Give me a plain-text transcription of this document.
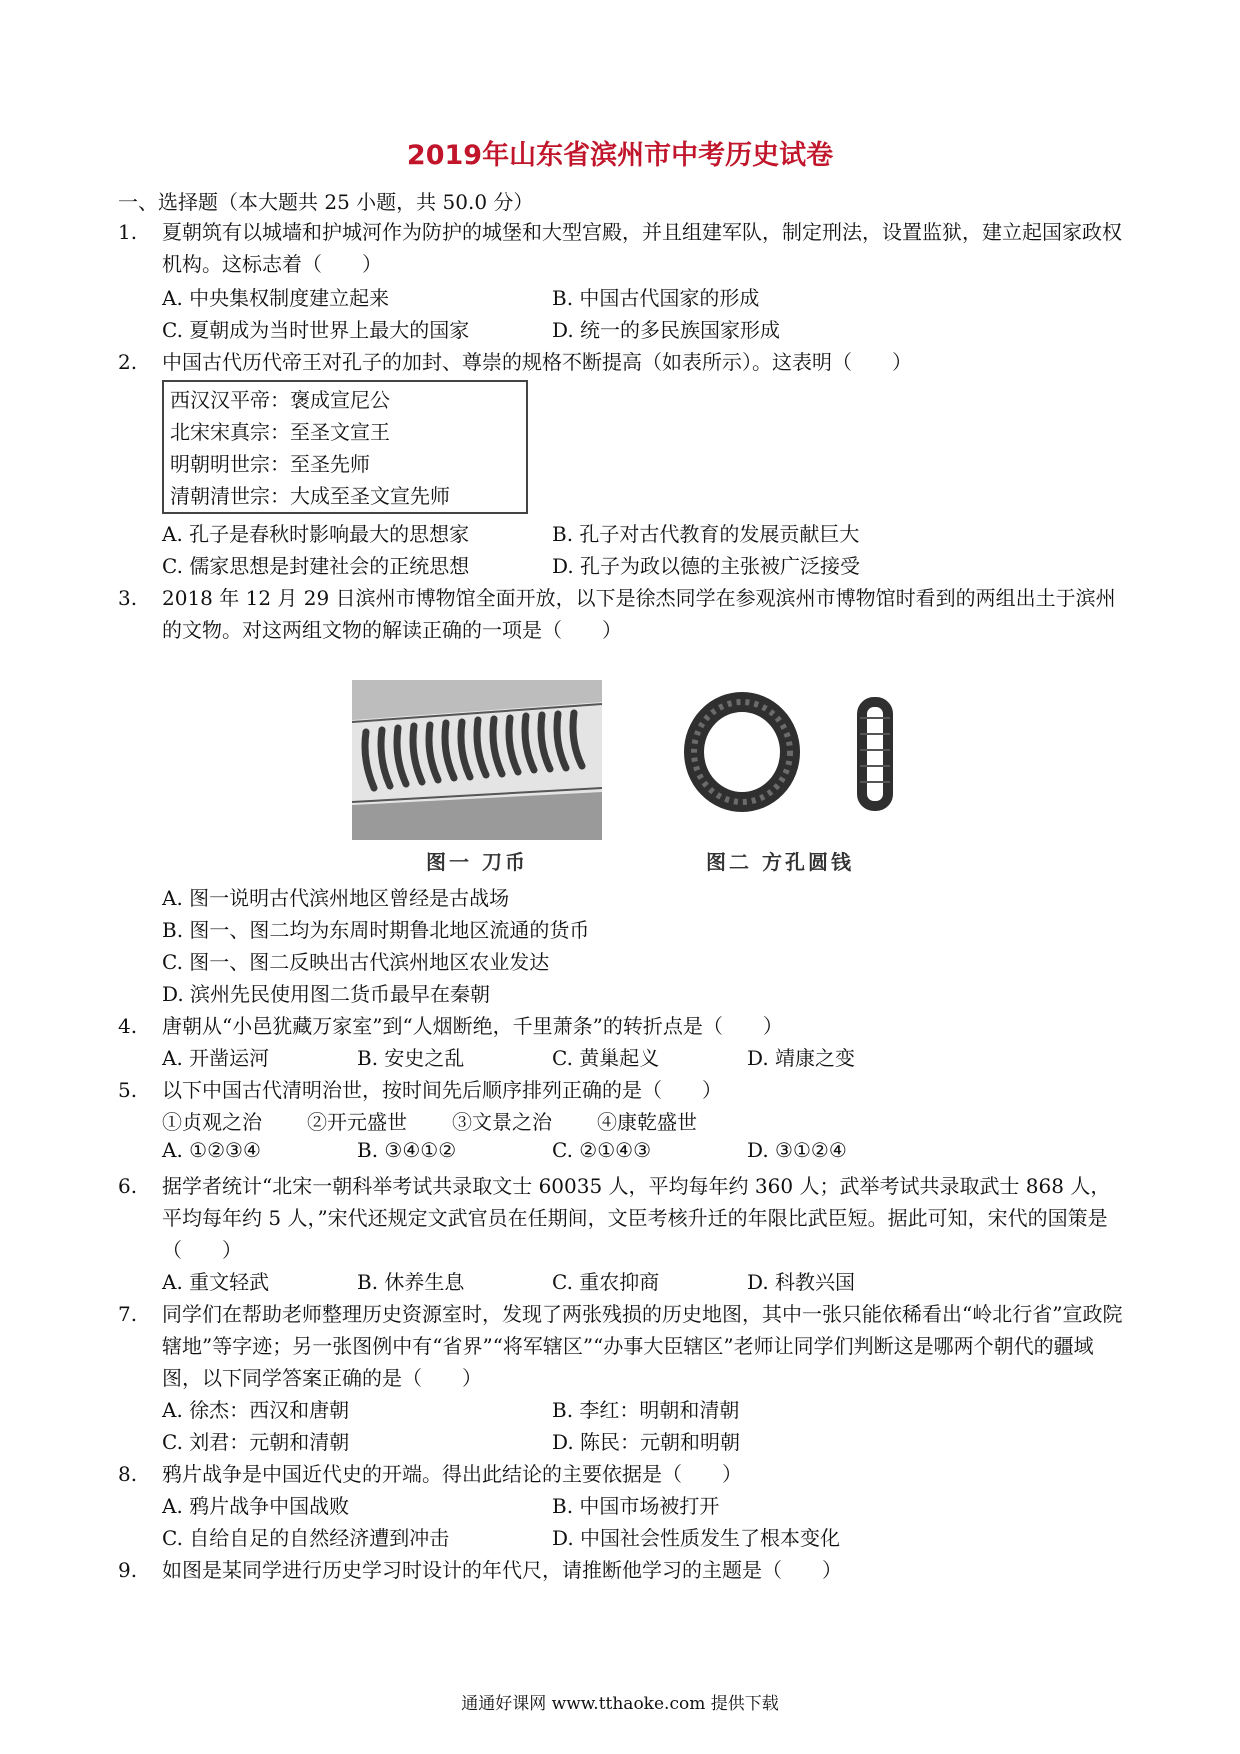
2019年山东省滨州市中考历史试卷
一、选择题（本大题共 25 小题，共 50.0 分）
1.	夏朝筑有以城墙和护城河作为防护的城堡和大型宫殿，并且组建军队，制定刑法，设置监狱，建立起国家政权机构。这标志着（　　）
A. 中央集权制度建立起来	B. 中国古代国家的形成
C. 夏朝成为当时世界上最大的国家	D. 统一的多民族国家形成
2.	中国古代历代帝王对孔子的加封、尊崇的规格不断提高（如表所示）。这表明（　　）
西汉汉平帝：褒成宣尼公
北宋宋真宗：至圣文宣王
明朝明世宗：至圣先师
清朝清世宗：大成至圣文宣先师
A. 孔子是春秋时影响最大的思想家	B. 孔子对古代教育的发展贡献巨大
C. 儒家思想是封建社会的正统思想	D. 孔子为政以德的主张被广泛接受
3.	2018 年 12 月 29 日滨州市博物馆全面开放，以下是徐杰同学在参观滨州市博物馆时看到的两组出土于滨州的文物。对这两组文物的解读正确的一项是（　　）
图一 刀币	图二 方孔圆钱
A. 图一说明古代滨州地区曾经是古战场
B. 图一、图二均为东周时期鲁北地区流通的货币
C. 图一、图二反映出古代滨州地区农业发达
D. 滨州先民使用图二货币最早在秦朝
4.	唐朝从“小邑犹藏万家室”到“人烟断绝，千里萧条”的转折点是（　　）
A. 开凿运河	B. 安史之乱	C. 黄巢起义	D. 靖康之变
5.	以下中国古代清明治世，按时间先后顺序排列正确的是（　　）
①贞观之治 ②开元盛世 ③文景之治 ④康乾盛世
A. ①②③④	B. ③④①②	C. ②①④③	D. ③①②④
6.	据学者统计“北宋一朝科举考试共录取文士 60035 人，平均每年约 360 人；武举考试共录取武士 868 人，平均每年约 5 人，”宋代还规定文武官员在任期间，文臣考核升迁的年限比武臣短。据此可知，宋代的国策是（　　）
A. 重文轻武	B. 休养生息	C. 重农抑商	D. 科教兴国
7.	同学们在帮助老师整理历史资源室时，发现了两张残损的历史地图，其中一张只能依稀看出“岭北行省”宣政院辖地”等字迹；另一张图例中有“省界”“将军辖区”“办事大臣辖区”老师让同学们判断这是哪两个朝代的疆域图，以下同学答案正确的是（　　）
A. 徐杰：西汉和唐朝	B. 李红：明朝和清朝
C. 刘君：元朝和清朝	D. 陈民：元朝和明朝
8.	鸦片战争是中国近代史的开端。得出此结论的主要依据是（　　）
A. 鸦片战争中国战败	B. 中国市场被打开
C. 自给自足的自然经济遭到冲击	D. 中国社会性质发生了根本变化
9.	如图是某同学进行历史学习时设计的年代尺，请推断他学习的主题是（　　）
通通好课网 www.tthaoke.com 提供下载
